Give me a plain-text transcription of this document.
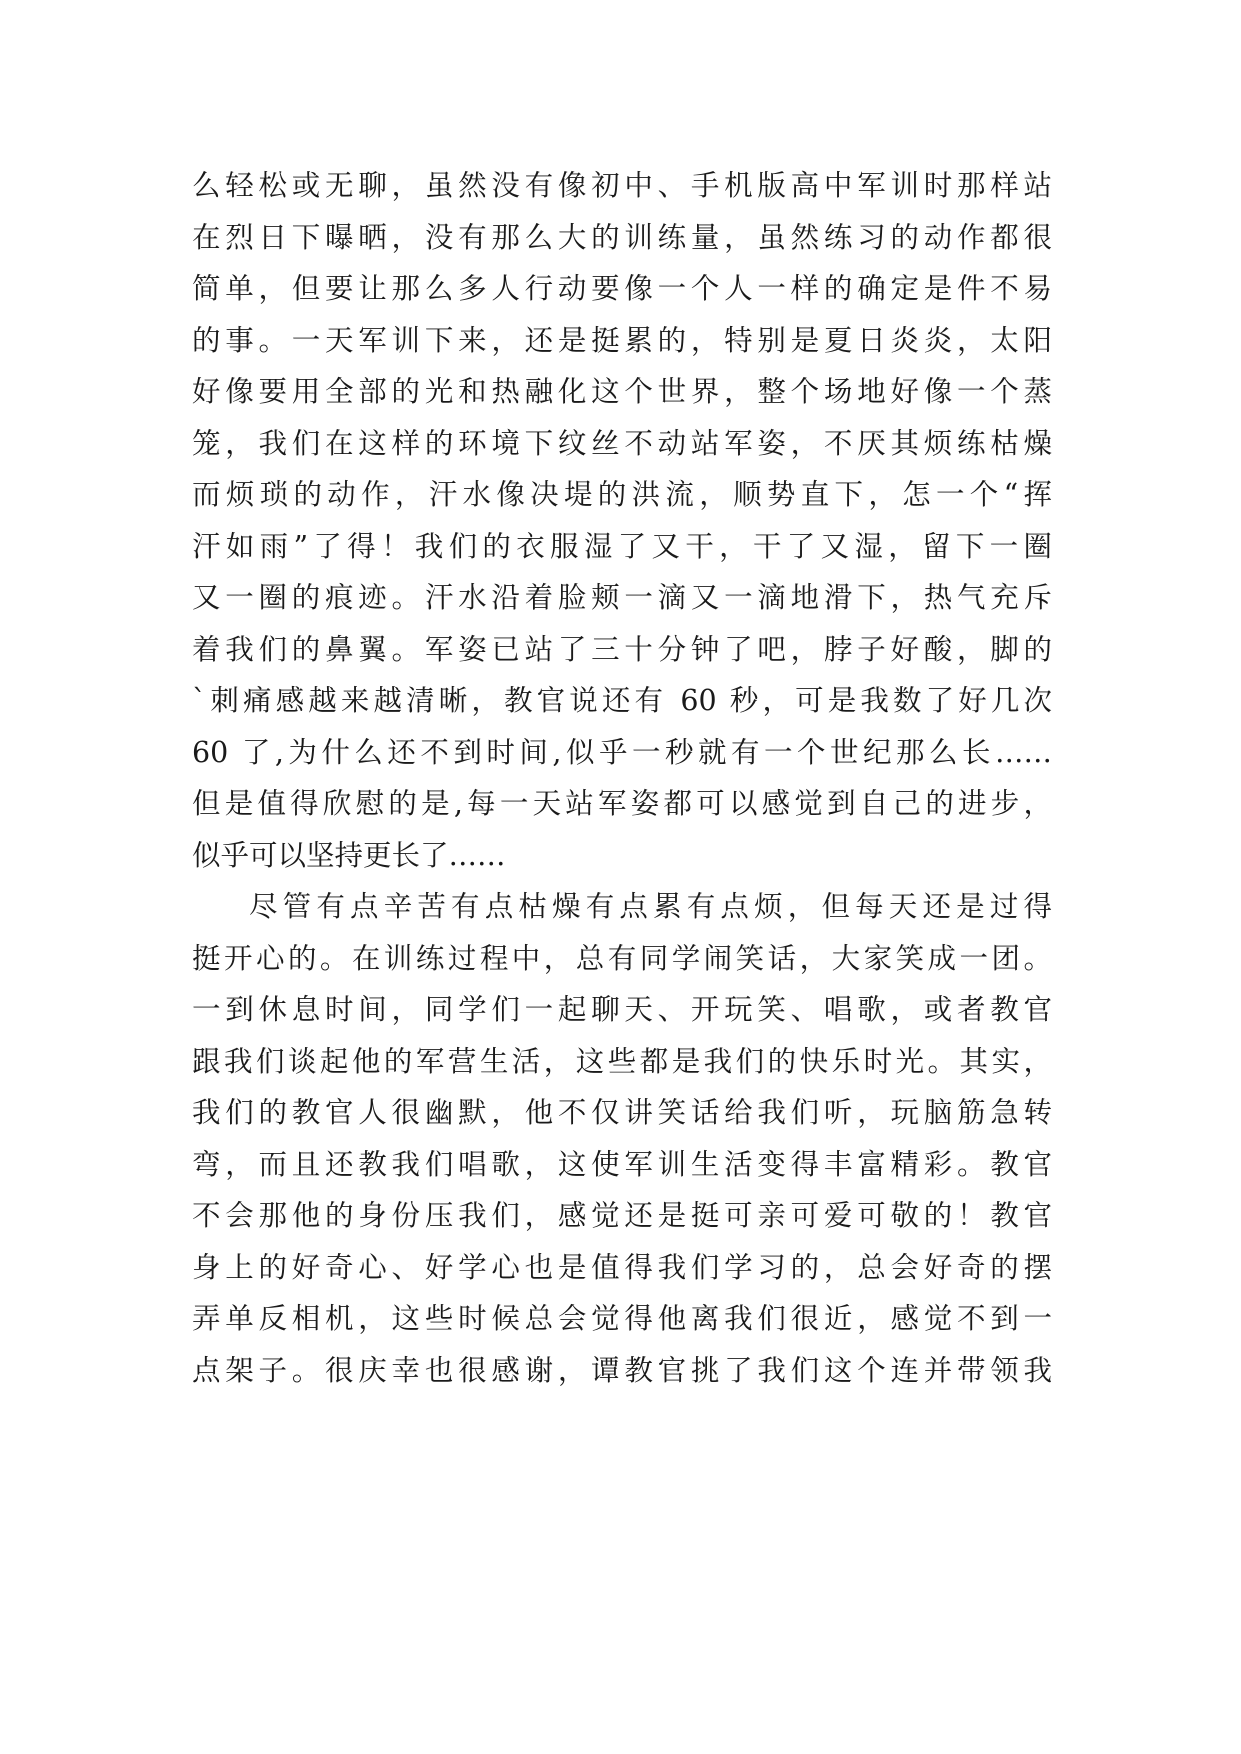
么轻松或无聊，虽然没有像初中、手机版高中军训时那样站
在烈日下曝晒，没有那么大的训练量，虽然练习的动作都很
简单，但要让那么多人行动要像一个人一样的确定是件不易
的事。一天军训下来，还是挺累的，特别是夏日炎炎，太阳
好像要用全部的光和热融化这个世界，整个场地好像一个蒸
笼，我们在这样的环境下纹丝不动站军姿，不厌其烦练枯燥
而烦琐的动作，汗水像决堤的洪流，顺势直下，怎一个“挥
汗如雨”了得！我们的衣服湿了又干，干了又湿，留下一圈
又一圈的痕迹。汗水沿着脸颊一滴又一滴地滑下，热气充斥
着我们的鼻翼。军姿已站了三十分钟了吧，脖子好酸，脚的
`刺痛感越来越清晰，教官说还有 60 秒，可是我数了好几次
60 了,为什么还不到时间,似乎一秒就有一个世纪那么长……
但是值得欣慰的是,每一天站军姿都可以感觉到自己的进步，
似乎可以坚持更长了……
尽管有点辛苦有点枯燥有点累有点烦，但每天还是过得
挺开心的。在训练过程中，总有同学闹笑话，大家笑成一团。
一到休息时间，同学们一起聊天、开玩笑、唱歌，或者教官
跟我们谈起他的军营生活，这些都是我们的快乐时光。其实，
我们的教官人很幽默，他不仅讲笑话给我们听，玩脑筋急转
弯，而且还教我们唱歌，这使军训生活变得丰富精彩。教官
不会那他的身份压我们，感觉还是挺可亲可爱可敬的！教官
身上的好奇心、好学心也是值得我们学习的，总会好奇的摆
弄单反相机，这些时候总会觉得他离我们很近，感觉不到一
点架子。很庆幸也很感谢，谭教官挑了我们这个连并带领我
